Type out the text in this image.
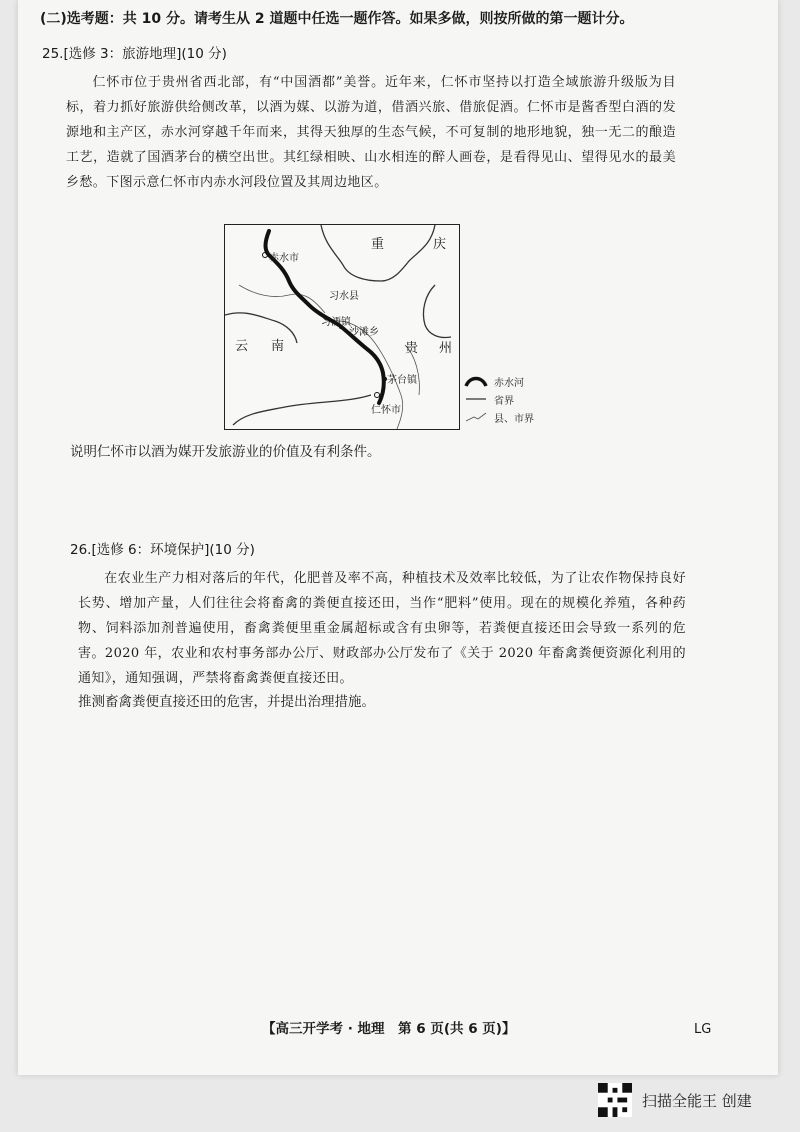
(二)选考题：共 10 分。请考生从 2 道题中任选一题作答。如果多做，则按所做的第一题计分。
25.[选修 3：旅游地理](10 分)
仁怀市位于贵州省西北部，有“中国酒都”美誉。近年来，仁怀市坚持以打造全域旅游升级版为目标，着力抓好旅游供给侧改革，以酒为媒、以游为道，借酒兴旅、借旅促酒。仁怀市是酱香型白酒的发源地和主产区，赤水河穿越千年而来，其得天独厚的生态气候，不可复制的地形地貌，独一无二的酿造工艺，造就了国酒茅台的横空出世。其红绿相映、山水相连的醉人画卷，是看得见山、望得见水的最美乡愁。下图示意仁怀市内赤水河段位置及其周边地区。
重	庆
赤水市
习水县
习酒镇
沙滩乡
云 南	贵 州
茅台镇
仁怀市
赤水河
省界
县、市界
说明仁怀市以酒为媒开发旅游业的价值及有利条件。
26.[选修 6：环境保护](10 分)
在农业生产力相对落后的年代，化肥普及率不高，种植技术及效率比较低，为了让农作物保持良好长势、增加产量，人们往往会将畜禽的粪便直接还田，当作“肥料”使用。现在的规模化养殖，各种药物、饲料添加剂普遍使用，畜禽粪便里重金属超标或含有虫卵等，若粪便直接还田会导致一系列的危害。2020 年，农业和农村事务部办公厅、财政部办公厅发布了《关于 2020 年畜禽粪便资源化利用的通知》，通知强调，严禁将畜禽粪便直接还田。
推测畜禽粪便直接还田的危害，并提出治理措施。
【高三开学考 · 地理　第 6 页(共 6 页)】	LG
扫描全能王 创建
